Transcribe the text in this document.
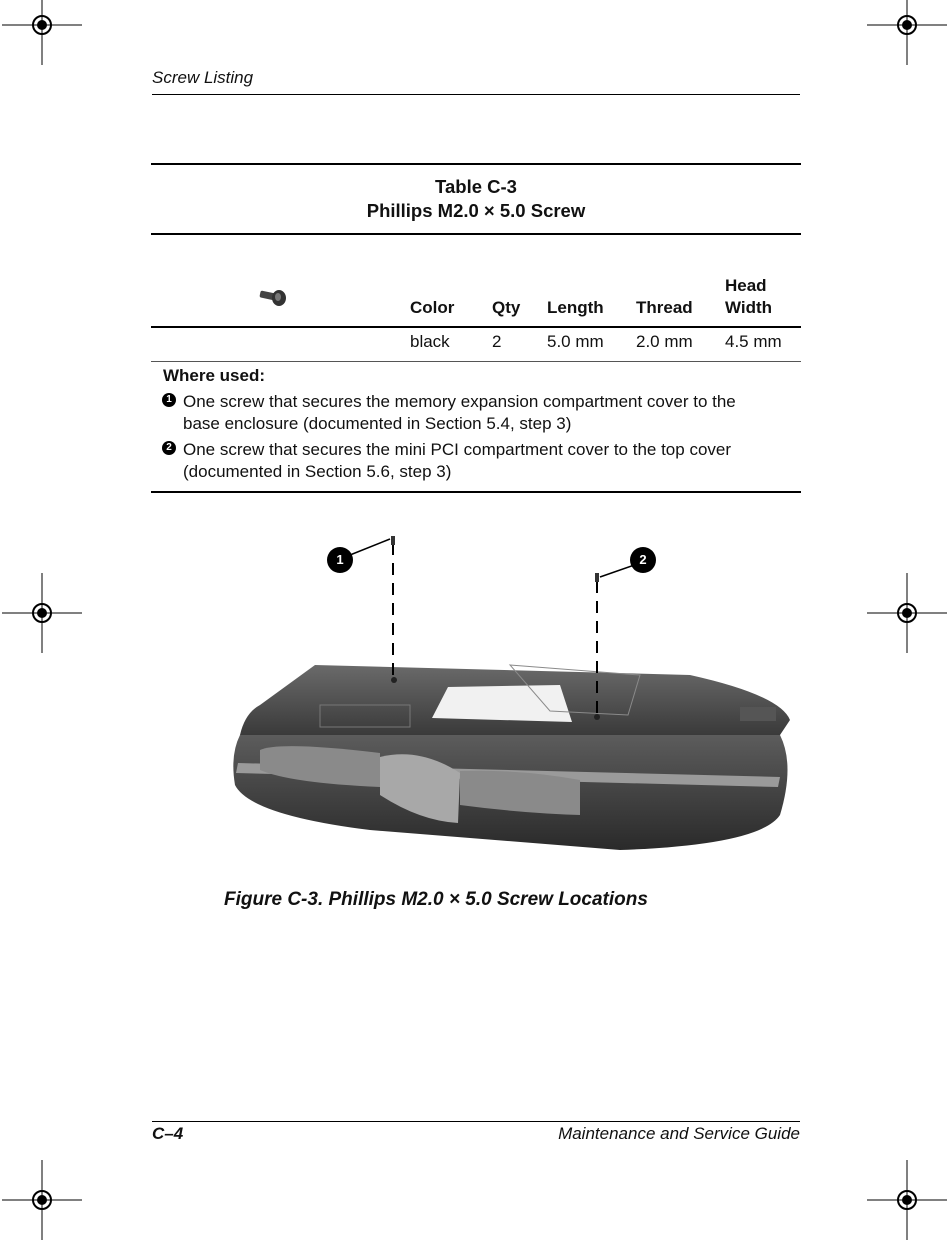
Screw Listing
Table C-3
Phillips M2.0 × 5.0 Screw
Color Qty Length Thread
Head
Width
black 2	5.0 mm 2.0 mm 4.5 mm
Where used:
1 One screw that secures the memory expansion compartment cover to the
base enclosure (documented in Section 5.4, step 3)
2 One screw that secures the mini PCI compartment cover to the top cover
(documented in Section 5.6, step 3)
1	2
Figure C-3. Phillips M2.0 × 5.0 Screw Locations
C–4	Maintenance and Service Guide
